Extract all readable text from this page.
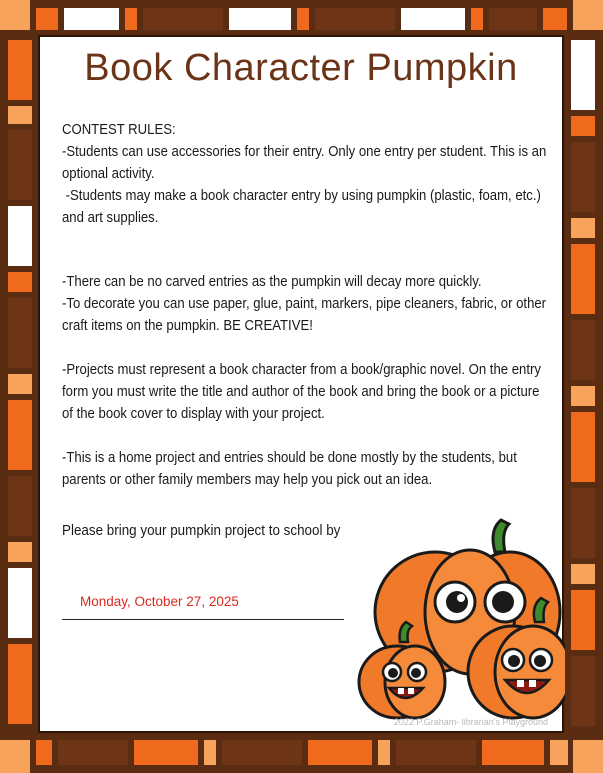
Book Character Pumpkin

CONTEST RULES:

-Students can use accessories for their entry. Only one entry per student. This is an optional activity.

-Students may make a book character entry by using pumpkin (plastic, foam, etc.) and art supplies.

-There can be no carved entries as the pumpkin will decay more quickly.

-To decorate you can use paper, glue, paint, markers, pipe cleaners, fabric, or other craft items on the pumpkin. BE CREATIVE!

-Projects must represent a book character from a book/graphic novel. On the entry form you must write the title and author of the book and bring the book or a picture of the book cover to display with your project.

-This is a home project and entries should be done mostly by the students, but parents or other family members may help you pick out an idea.

Please bring your pumpkin project to school by
Monday, October 27, 2025
2022 P.Graham- librarian's Playground
